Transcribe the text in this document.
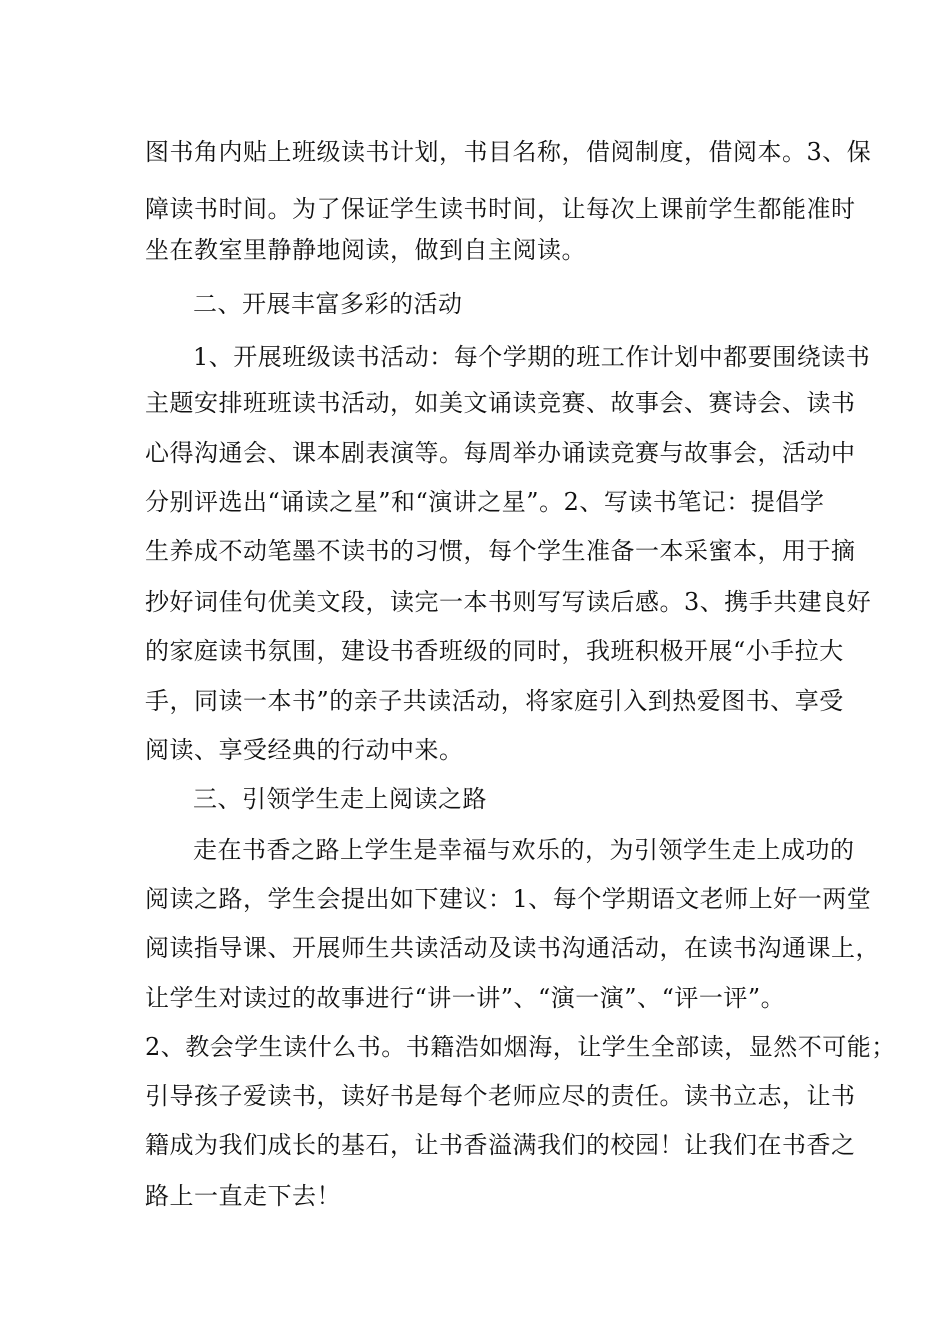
图书角内贴上班级读书计划，书目名称，借阅制度，借阅本。3、保
障读书时间。为了保证学生读书时间，让每次上课前学生都能准时
坐在教室里静静地阅读，做到自主阅读。
二、开展丰富多彩的活动
1、开展班级读书活动：每个学期的班工作计划中都要围绕读书
主题安排班班读书活动，如美文诵读竞赛、故事会、赛诗会、读书
心得沟通会、课本剧表演等。每周举办诵读竞赛与故事会，活动中
分别评选出“诵读之星”和“演讲之星”。2、写读书笔记：提倡学
生养成不动笔墨不读书的习惯，每个学生准备一本采蜜本，用于摘
抄好词佳句优美文段，读完一本书则写写读后感。3、携手共建良好
的家庭读书氛围，建设书香班级的同时，我班积极开展“小手拉大
手，同读一本书”的亲子共读活动，将家庭引入到热爱图书、享受
阅读、享受经典的行动中来。
三、引领学生走上阅读之路
走在书香之路上学生是幸福与欢乐的，为引领学生走上成功的
阅读之路，学生会提出如下建议：1、每个学期语文老师上好一两堂
阅读指导课、开展师生共读活动及读书沟通活动，在读书沟通课上，
让学生对读过的故事进行“讲一讲”、“演一演”、“评一评”。
2、教会学生读什么书。书籍浩如烟海，让学生全部读，显然不可能；
引导孩子爱读书，读好书是每个老师应尽的责任。读书立志，让书
籍成为我们成长的基石，让书香溢满我们的校园！让我们在书香之
路上一直走下去！
